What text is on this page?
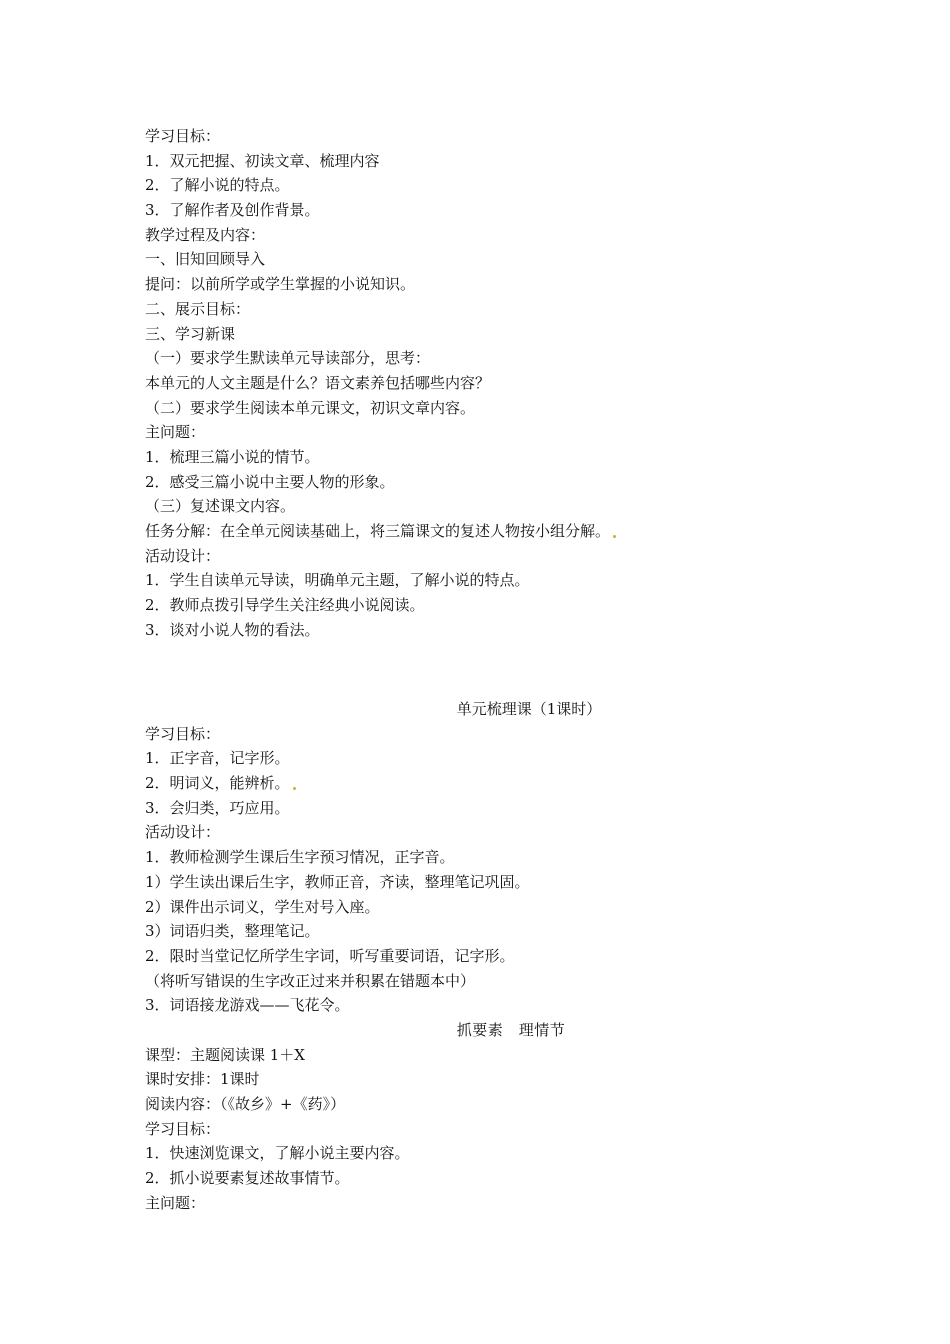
学习目标：
1．双元把握、初读文章、梳理内容
2．了解小说的特点。
3．了解作者及创作背景。
教学过程及内容：
一、旧知回顾导入
提问：以前所学或学生掌握的小说知识。
二、展示目标：
三、学习新课
（一）要求学生默读单元导读部分，思考：
本单元的人文主题是什么？语文素养包括哪些内容？
（二）要求学生阅读本单元课文，初识文章内容。
主问题：
1．梳理三篇小说的情节。
2．感受三篇小说中主要人物的形象。
（三）复述课文内容。
任务分解：在全单元阅读基础上，将三篇课文的复述人物按小组分解。
活动设计：
1．学生自读单元导读，明确单元主题，了解小说的特点。
2．教师点拨引导学生关注经典小说阅读。
3．谈对小说人物的看法。
单元梳理课（1课时）
学习目标：
1．正字音，记字形。
2．明词义，能辨析。
3．会归类，巧应用。
活动设计：
1．教师检测学生课后生字预习情况，正字音。
1）学生读出课后生字，教师正音，齐读，整理笔记巩固。
2）课件出示词义，学生对号入座。
3）词语归类，整理笔记。
2．限时当堂记忆所学生字词，听写重要词语，记字形。
（将听写错误的生字改正过来并积累在错题本中）
3．词语接龙游戏——飞花令。
抓要素　理情节
课型：主题阅读课 1＋X
课时安排：1课时
阅读内容：（《故乡》+《药》）
学习目标：
1．快速浏览课文，了解小说主要内容。
2．抓小说要素复述故事情节。
主问题：
